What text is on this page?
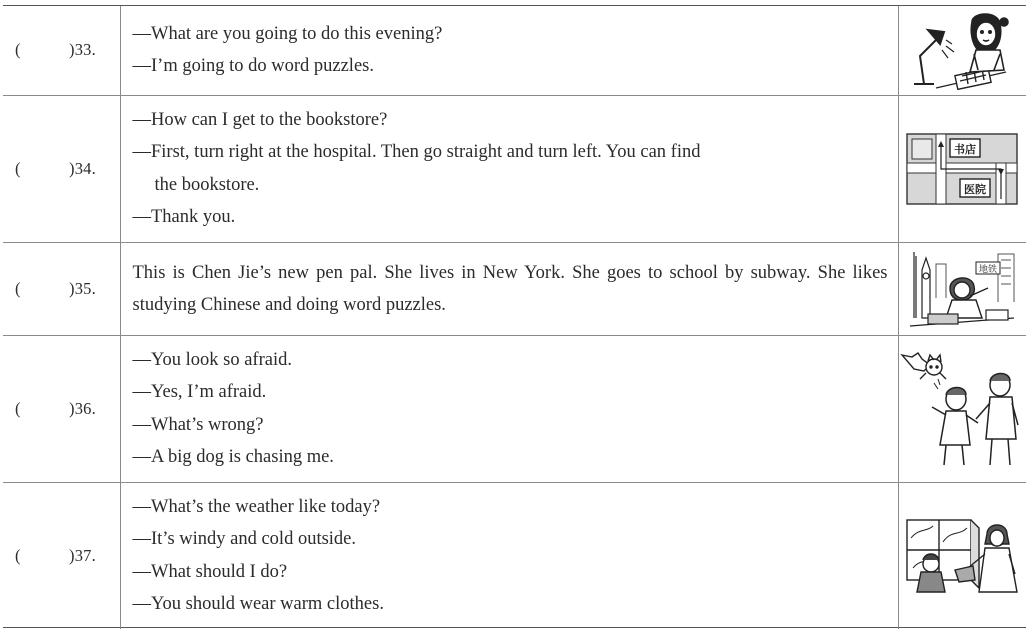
( )33.	—What are you going to do this evening?
—I’m going to do word puzzles.

( )34.	—How can I get to the bookstore?
—First, turn right at the hospital. Then go straight and turn left. You can find
the bookstore.
—Thank you.	书店
医院

( )35.	This is Chen Jie’s new pen pal. She lives in New York. She goes to school by subway. She likes studying Chinese and doing word puzzles.	地铁

( )36.	—You look so afraid.
—Yes, I’m afraid.
—What’s wrong?
—A big dog is chasing me.

( )37.	—What’s the weather like today?
—It’s windy and cold outside.
—What should I do?
—You should wear warm clothes.
